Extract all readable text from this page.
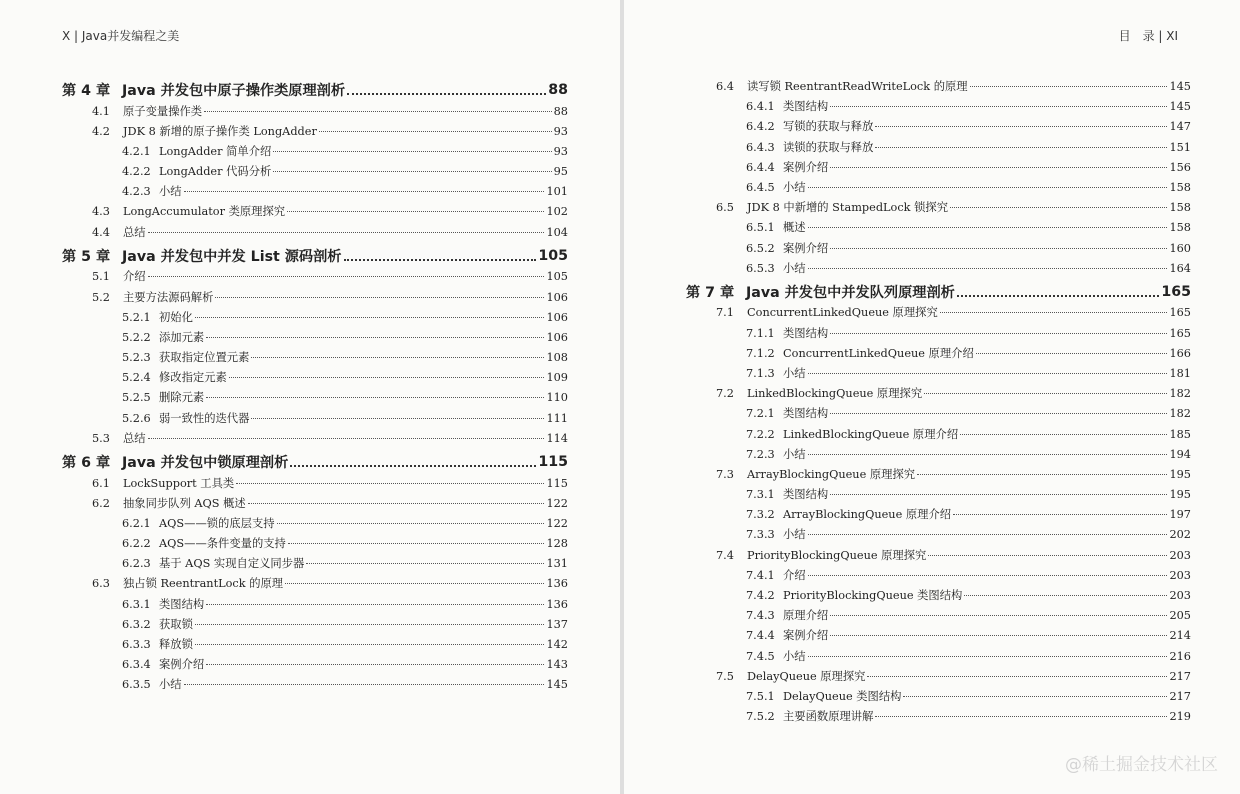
X | Java并发编程之美	目　录 | XI
第 4 章 Java 并发包中原子操作类原理剖析	88
4.1	原子变量操作类	88
4.2	JDK 8 新增的原子操作类 LongAdder	93
4.2.1 LongAdder 简单介绍	93
4.2.2 LongAdder 代码分析	95
4.2.3 小结	101
4.3	LongAccumulator 类原理探究	102
4.4	总结	104
第 5 章 Java 并发包中并发 List 源码剖析	105
5.1	介绍	105
5.2	主要方法源码解析	106
5.2.1 初始化	106
5.2.2 添加元素	106
5.2.3 获取指定位置元素	108
5.2.4 修改指定元素	109
5.2.5 删除元素	110
5.2.6 弱一致性的迭代器	111
5.3	总结	114
第 6 章 Java 并发包中锁原理剖析	115
6.1	LockSupport 工具类	115
6.2	抽象同步队列 AQS 概述	122
6.2.1 AQS——锁的底层支持	122
6.2.2 AQS——条件变量的支持	128
6.2.3 基于 AQS 实现自定义同步器	131
6.3	独占锁 ReentrantLock 的原理	136
6.3.1 类图结构	136
6.3.2 获取锁	137
6.3.3 释放锁	142
6.3.4 案例介绍	143
6.3.5 小结	145
6.4	读写锁 ReentrantReadWriteLock 的原理	145
6.4.1 类图结构	145
6.4.2 写锁的获取与释放	147
6.4.3 读锁的获取与释放	151
6.4.4 案例介绍	156
6.4.5 小结	158
6.5	JDK 8 中新增的 StampedLock 锁探究	158
6.5.1 概述	158
6.5.2 案例介绍	160
6.5.3 小结	164
第 7 章 Java 并发包中并发队列原理剖析	165
7.1	ConcurrentLinkedQueue 原理探究	165
7.1.1 类图结构	165
7.1.2 ConcurrentLinkedQueue 原理介绍	166
7.1.3 小结	181
7.2	LinkedBlockingQueue 原理探究	182
7.2.1 类图结构	182
7.2.2 LinkedBlockingQueue 原理介绍	185
7.2.3 小结	194
7.3	ArrayBlockingQueue 原理探究	195
7.3.1 类图结构	195
7.3.2 ArrayBlockingQueue 原理介绍	197
7.3.3 小结	202
7.4	PriorityBlockingQueue 原理探究	203
7.4.1 介绍	203
7.4.2 PriorityBlockingQueue 类图结构	203
7.4.3 原理介绍	205
7.4.4 案例介绍	214
7.4.5 小结	216
7.5	DelayQueue 原理探究	217
7.5.1 DelayQueue 类图结构	217
7.5.2 主要函数原理讲解	219
@稀土掘金技术社区
